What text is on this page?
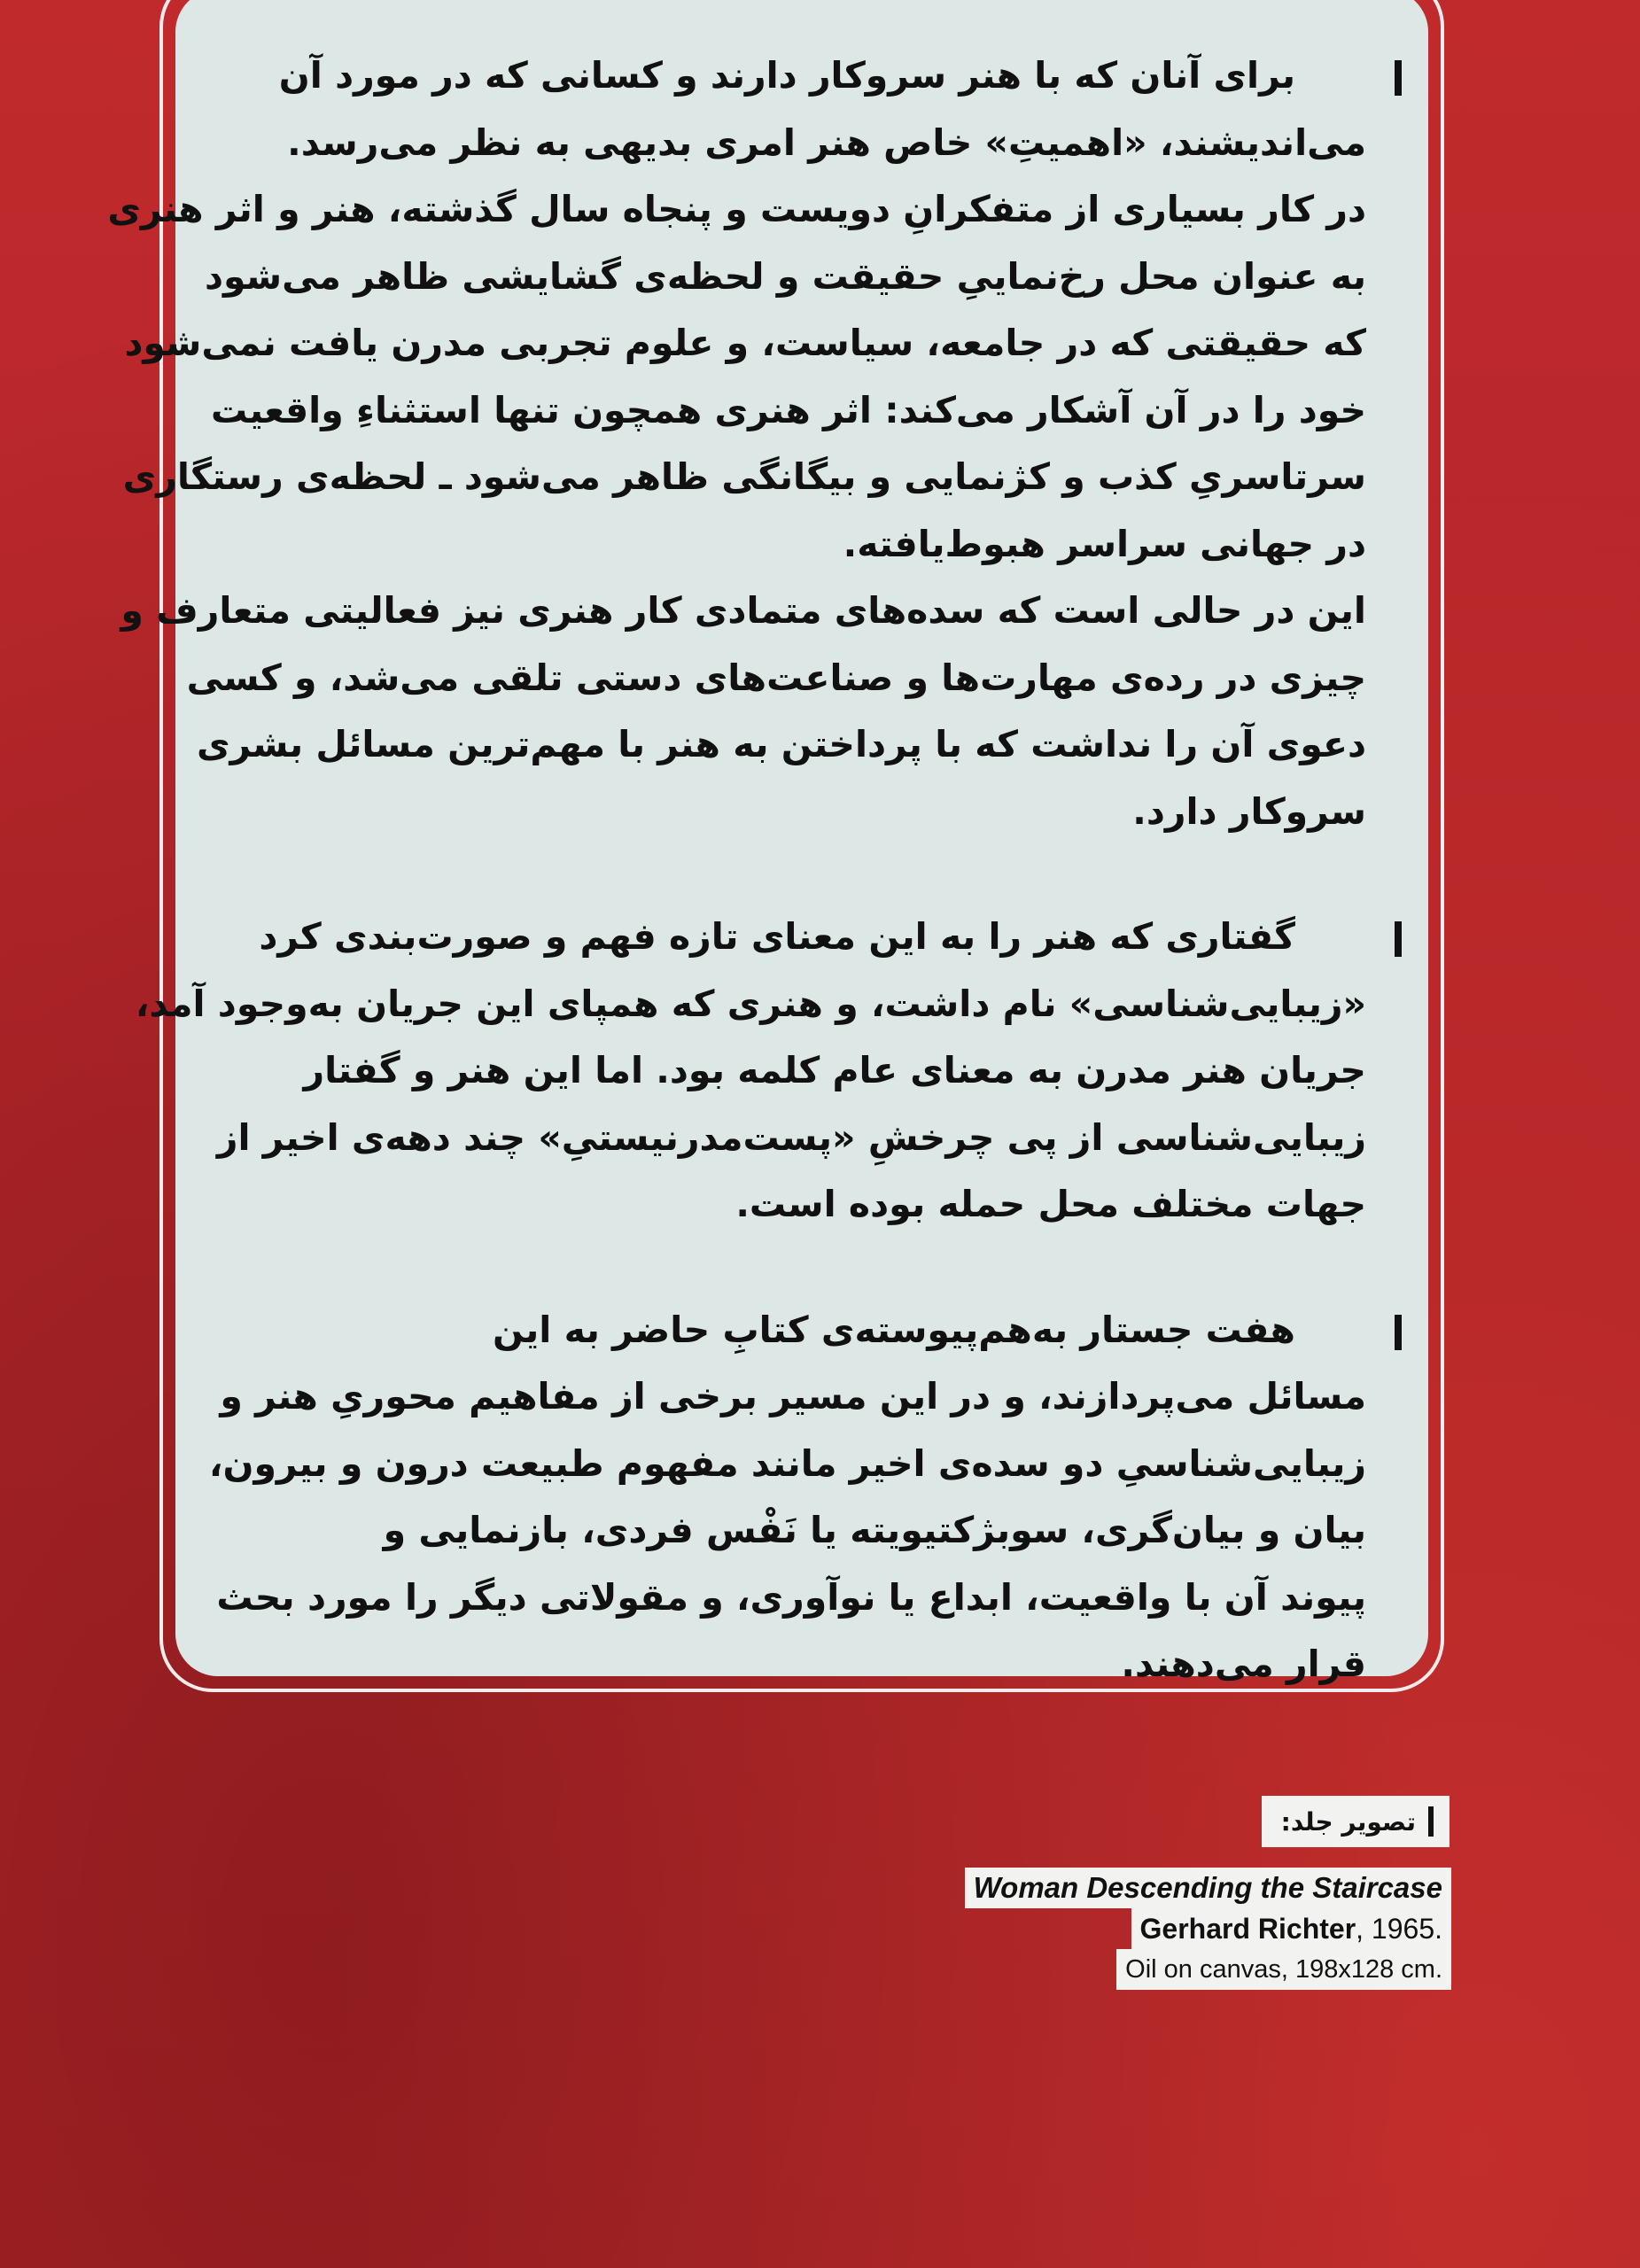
برای آنان که با هنر سروکار دارند و کسانی که در مورد آن
می‌اندیشند، «اهمیتِ» خاص هنر امری بدیهی به نظر می‌رسد.
در کار بسیاری از متفکرانِ دویست و پنجاه سال گذشته، هنر و اثر هنری
به عنوان محل رخ‌نماییِ حقیقت و لحظه‌ی گشایشی ظاهر می‌شود
که حقیقتی که در جامعه، سیاست، و علوم تجربی مدرن یافت نمی‌شود
خود را در آن آشکار می‌کند: اثر هنری همچون تنها استثناءِ واقعیت
سرتاسریِ کذب و کژنمایی و بیگانگی ظاهر می‌شود ـ لحظه‌ی رستگاری
در جهانی سراسر هبوط‌یافته.
این در حالی است که سده‌های متمادی کار هنری نیز فعالیتی متعارف و
چیزی در رده‌ی مهارت‌ها و صناعت‌های دستی تلقی می‌شد، و کسی
دعوی آن را نداشت که با پرداختن به هنر با مهم‌ترین مسائل بشری
سروکار دارد.
گفتاری که هنر را به این معنای تازه فهم و صورت‌بندی کرد
«زیبایی‌شناسی» نام داشت، و هنری که همپای این جریان به‌وجود آمد،
جریان هنر مدرن به معنای عام کلمه بود. اما این هنر و گفتار
زیبایی‌شناسی از پی چرخشِ «پست‌مدرنیستیِ» چند دهه‌ی اخیر از
جهات مختلف محل حمله بوده است.
هفت جستار به‌هم‌پیوسته‌ی کتابِ حاضر به این
مسائل می‌پردازند، و در این مسیر برخی از مفاهیم محوریِ هنر و
زیبایی‌شناسیِ دو سده‌ی اخیر مانند مفهوم طبیعت درون و بیرون،
بیان و بیان‌گری، سوبژکتیویته یا نَفْس فردی، بازنمایی و
پیوند آن با واقعیت، ابداع یا نوآوری، و مقولاتی دیگر را مورد بحث
قرار می‌دهند.
تصویر جلد:
Woman Descending the Staircase
Gerhard Richter, 1965.
Oil on canvas, 198x128 cm.
